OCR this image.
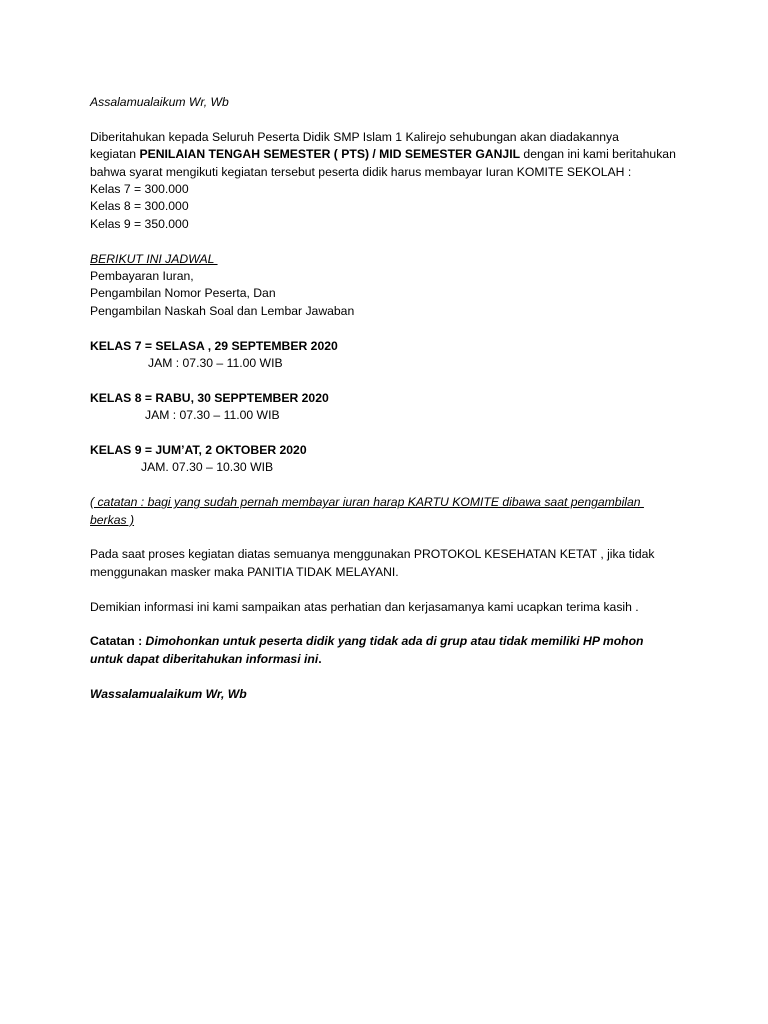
Assalamualaikum Wr, Wb
Diberitahukan kepada Seluruh Peserta Didik SMP Islam 1 Kalirejo sehubungan akan diadakannya
kegiatan PENILAIAN TENGAH SEMESTER ( PTS) / MID SEMESTER GANJIL dengan ini kami beritahukan
bahwa syarat mengikuti kegiatan tersebut peserta didik harus membayar Iuran KOMITE SEKOLAH :
Kelas 7 = 300.000
Kelas 8 = 300.000
Kelas 9 = 350.000
BERIKUT INI JADWAL
Pembayaran Iuran,
Pengambilan Nomor Peserta, Dan
Pengambilan Naskah Soal dan Lembar Jawaban
KELAS 7 = SELASA , 29 SEPTEMBER 2020
JAM : 07.30 – 11.00 WIB
KELAS 8 = RABU, 30 SEPPTEMBER 2020
JAM : 07.30 – 11.00 WIB
KELAS 9 = JUM’AT, 2 OKTOBER 2020
JAM. 07.30 – 10.30 WIB
( catatan : bagi yang sudah pernah membayar iuran harap KARTU KOMITE dibawa saat pengambilan
berkas )
Pada saat proses kegiatan diatas semuanya menggunakan PROTOKOL KESEHATAN KETAT , jika tidak
menggunakan masker maka PANITIA TIDAK MELAYANI.
Demikian informasi ini kami sampaikan atas perhatian dan kerjasamanya kami ucapkan terima kasih .
Catatan : Dimohonkan untuk peserta didik yang tidak ada di grup atau tidak memiliki HP mohon
untuk dapat diberitahukan informasi ini.
Wassalamualaikum Wr, Wb
